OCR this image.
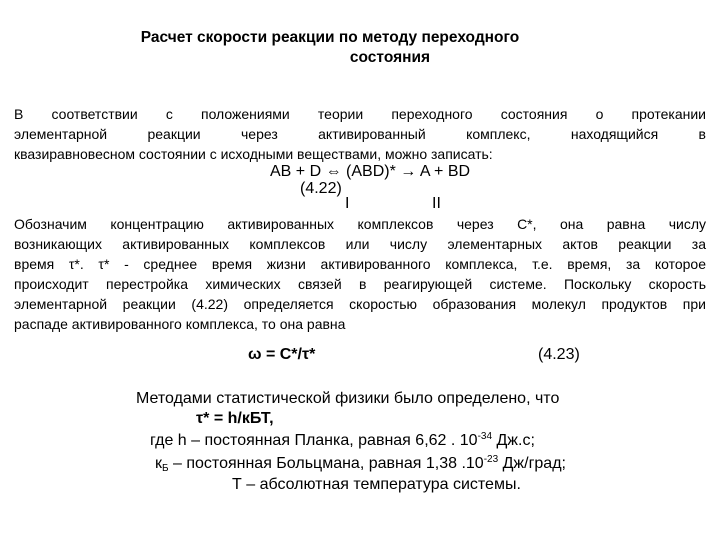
Расчет скорости реакции по методу переходного
состояния
В соответствии с положениями теории переходного состояния о протекании
элементарной реакции через активированный комплекс, находящийся в
квазиравновесном состоянии с исходными веществами, можно записать:
AB + D ⇔ (ABD)* → A + BD
(4.22)
I	II
Обозначим концентрацию активированных комплексов через C*, она равна числу
возникающих активированных комплексов или числу элементарных актов реакции за
время τ*. τ* - среднее время жизни активированного комплекса, т.е. время, за которое
происходит перестройка химических связей в реагирующей системе. Поскольку скорость
элементарной реакции (4.22) определяется скоростью образования молекул продуктов при
распаде активированного комплекса, то она равна
ω = C*/τ*	(4.23)
Методами статистической физики было определено, что
τ* = h/кБТ,
где h – постоянная Планка, равная 6,62 . $10^{-34}$ Дж.с;
$к_Б$ – постоянная Больцмана, равная 1,38 $.10^{-23}$ Дж/град;
Т – абсолютная температура системы.
